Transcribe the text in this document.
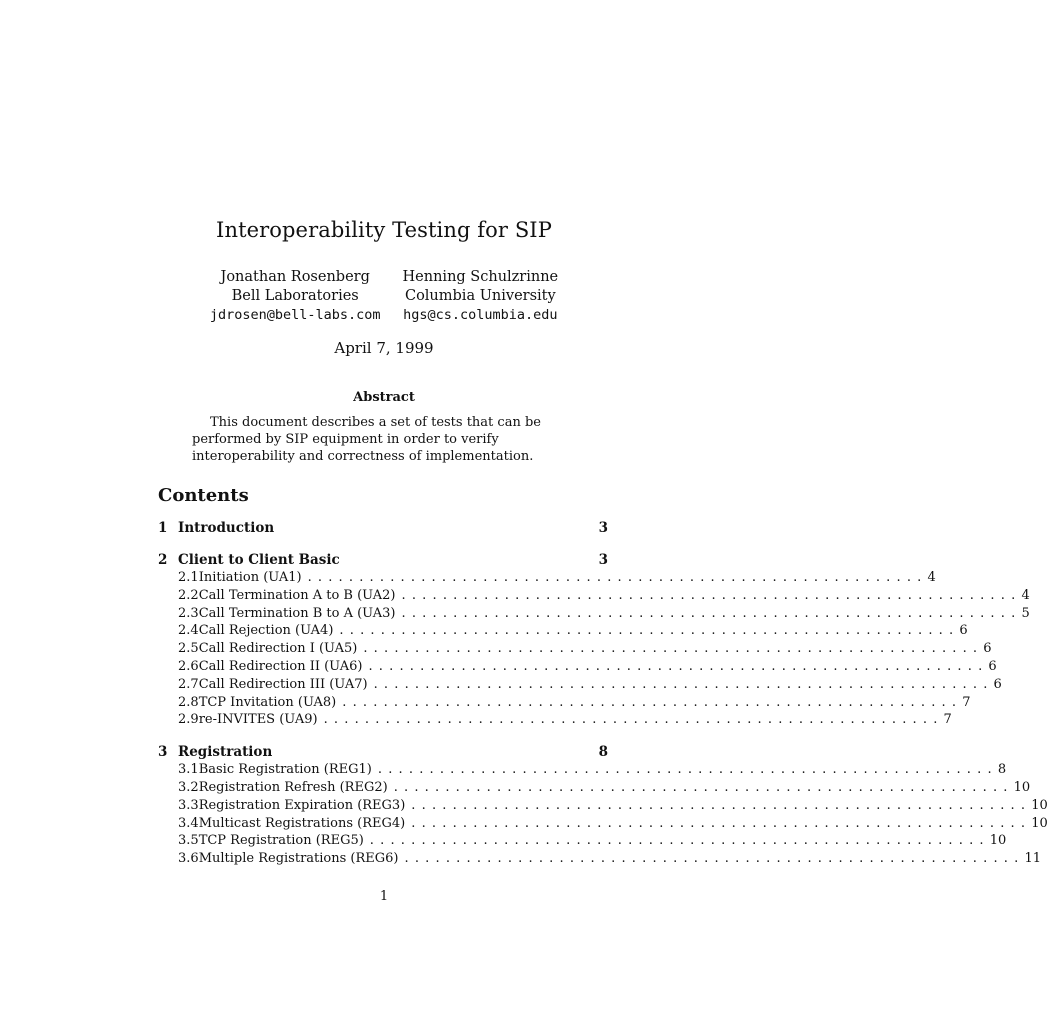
Interoperability Testing for SIP
Jonathan Rosenberg
Bell Laboratories
jdrosen@bell-labs.com
Henning Schulzrinne
Columbia University
hgs@cs.columbia.edu
April 7, 1999
Abstract
This document describes a set of tests that can be performed by SIP equipment in order to verify interoperability and correctness of implementation.
Contents
1 Introduction	3
2 Client to Client Basic	3
2.1 Initiation (UA1) ............................................................ 4
2.2 Call Termination A to B (UA2) ............................................................ 4
2.3 Call Termination B to A (UA3) ............................................................ 5
2.4 Call Rejection (UA4) ............................................................ 6
2.5 Call Redirection I (UA5) ............................................................ 6
2.6 Call Redirection II (UA6) ............................................................ 6
2.7 Call Redirection III (UA7) ............................................................ 6
2.8 TCP Invitation (UA8) ............................................................ 7
2.9 re-INVITES (UA9) ............................................................ 7
3 Registration	8
3.1 Basic Registration (REG1) ............................................................ 8
3.2 Registration Refresh (REG2) ............................................................ 10
3.3 Registration Expiration (REG3) ............................................................ 10
3.4 Multicast Registrations (REG4) ............................................................ 10
3.5 TCP Registration (REG5) ............................................................ 10
3.6 Multiple Registrations (REG6) ............................................................ 11
1
